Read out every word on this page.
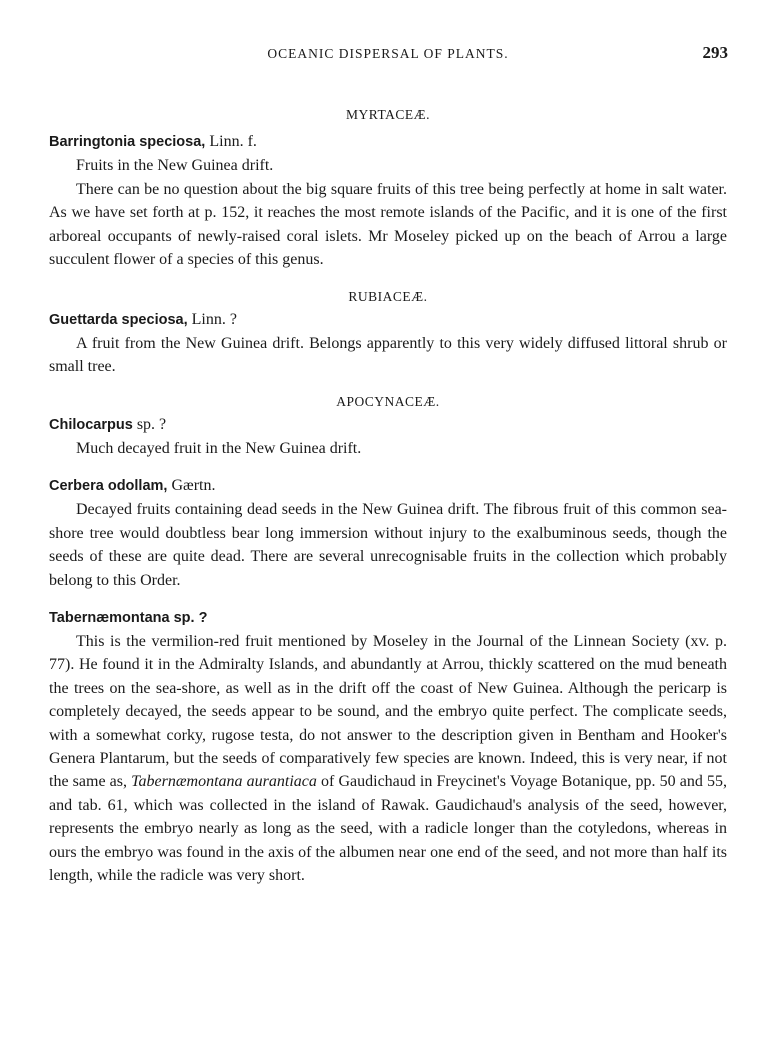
OCEANIC DISPERSAL OF PLANTS.	293

MYRTACEÆ.

Barringtonia speciosa, Linn. f.

Fruits in the New Guinea drift.

There can be no question about the big square fruits of this tree being perfectly at home in salt water. As we have set forth at p. 152, it reaches the most remote islands of the Pacific, and it is one of the first arboreal occupants of newly-raised coral islets. Mr Moseley picked up on the beach of Arrou a large succulent flower of a species of this genus.

RUBIACEÆ.

Guettarda speciosa, Linn. ?

A fruit from the New Guinea drift. Belongs apparently to this very widely diffused littoral shrub or small tree.

APOCYNACEÆ.

Chilocarpus sp. ?

Much decayed fruit in the New Guinea drift.

Cerbera odollam, Gærtn.

Decayed fruits containing dead seeds in the New Guinea drift. The fibrous fruit of this common sea-shore tree would doubtless bear long immersion without injury to the exalbuminous seeds, though the seeds of these are quite dead. There are several unrecognisable fruits in the collection which probably belong to this Order.

Tabernæmontana sp. ?

This is the vermilion-red fruit mentioned by Moseley in the Journal of the Linnean Society (xv. p. 77). He found it in the Admiralty Islands, and abundantly at Arrou, thickly scattered on the mud beneath the trees on the sea-shore, as well as in the drift off the coast of New Guinea. Although the pericarp is completely decayed, the seeds appear to be sound, and the embryo quite perfect. The complicate seeds, with a somewhat corky, rugose testa, do not answer to the description given in Bentham and Hooker's Genera Plantarum, but the seeds of comparatively few species are known. Indeed, this is very near, if not the same as, Tabernæmontana aurantiaca of Gaudichaud in Freycinet's Voyage Botanique, pp. 50 and 55, and tab. 61, which was collected in the island of Rawak. Gaudichaud's analysis of the seed, however, represents the embryo nearly as long as the seed, with a radicle longer than the cotyledons, whereas in ours the embryo was found in the axis of the albumen near one end of the seed, and not more than half its length, while the radicle was very short.
